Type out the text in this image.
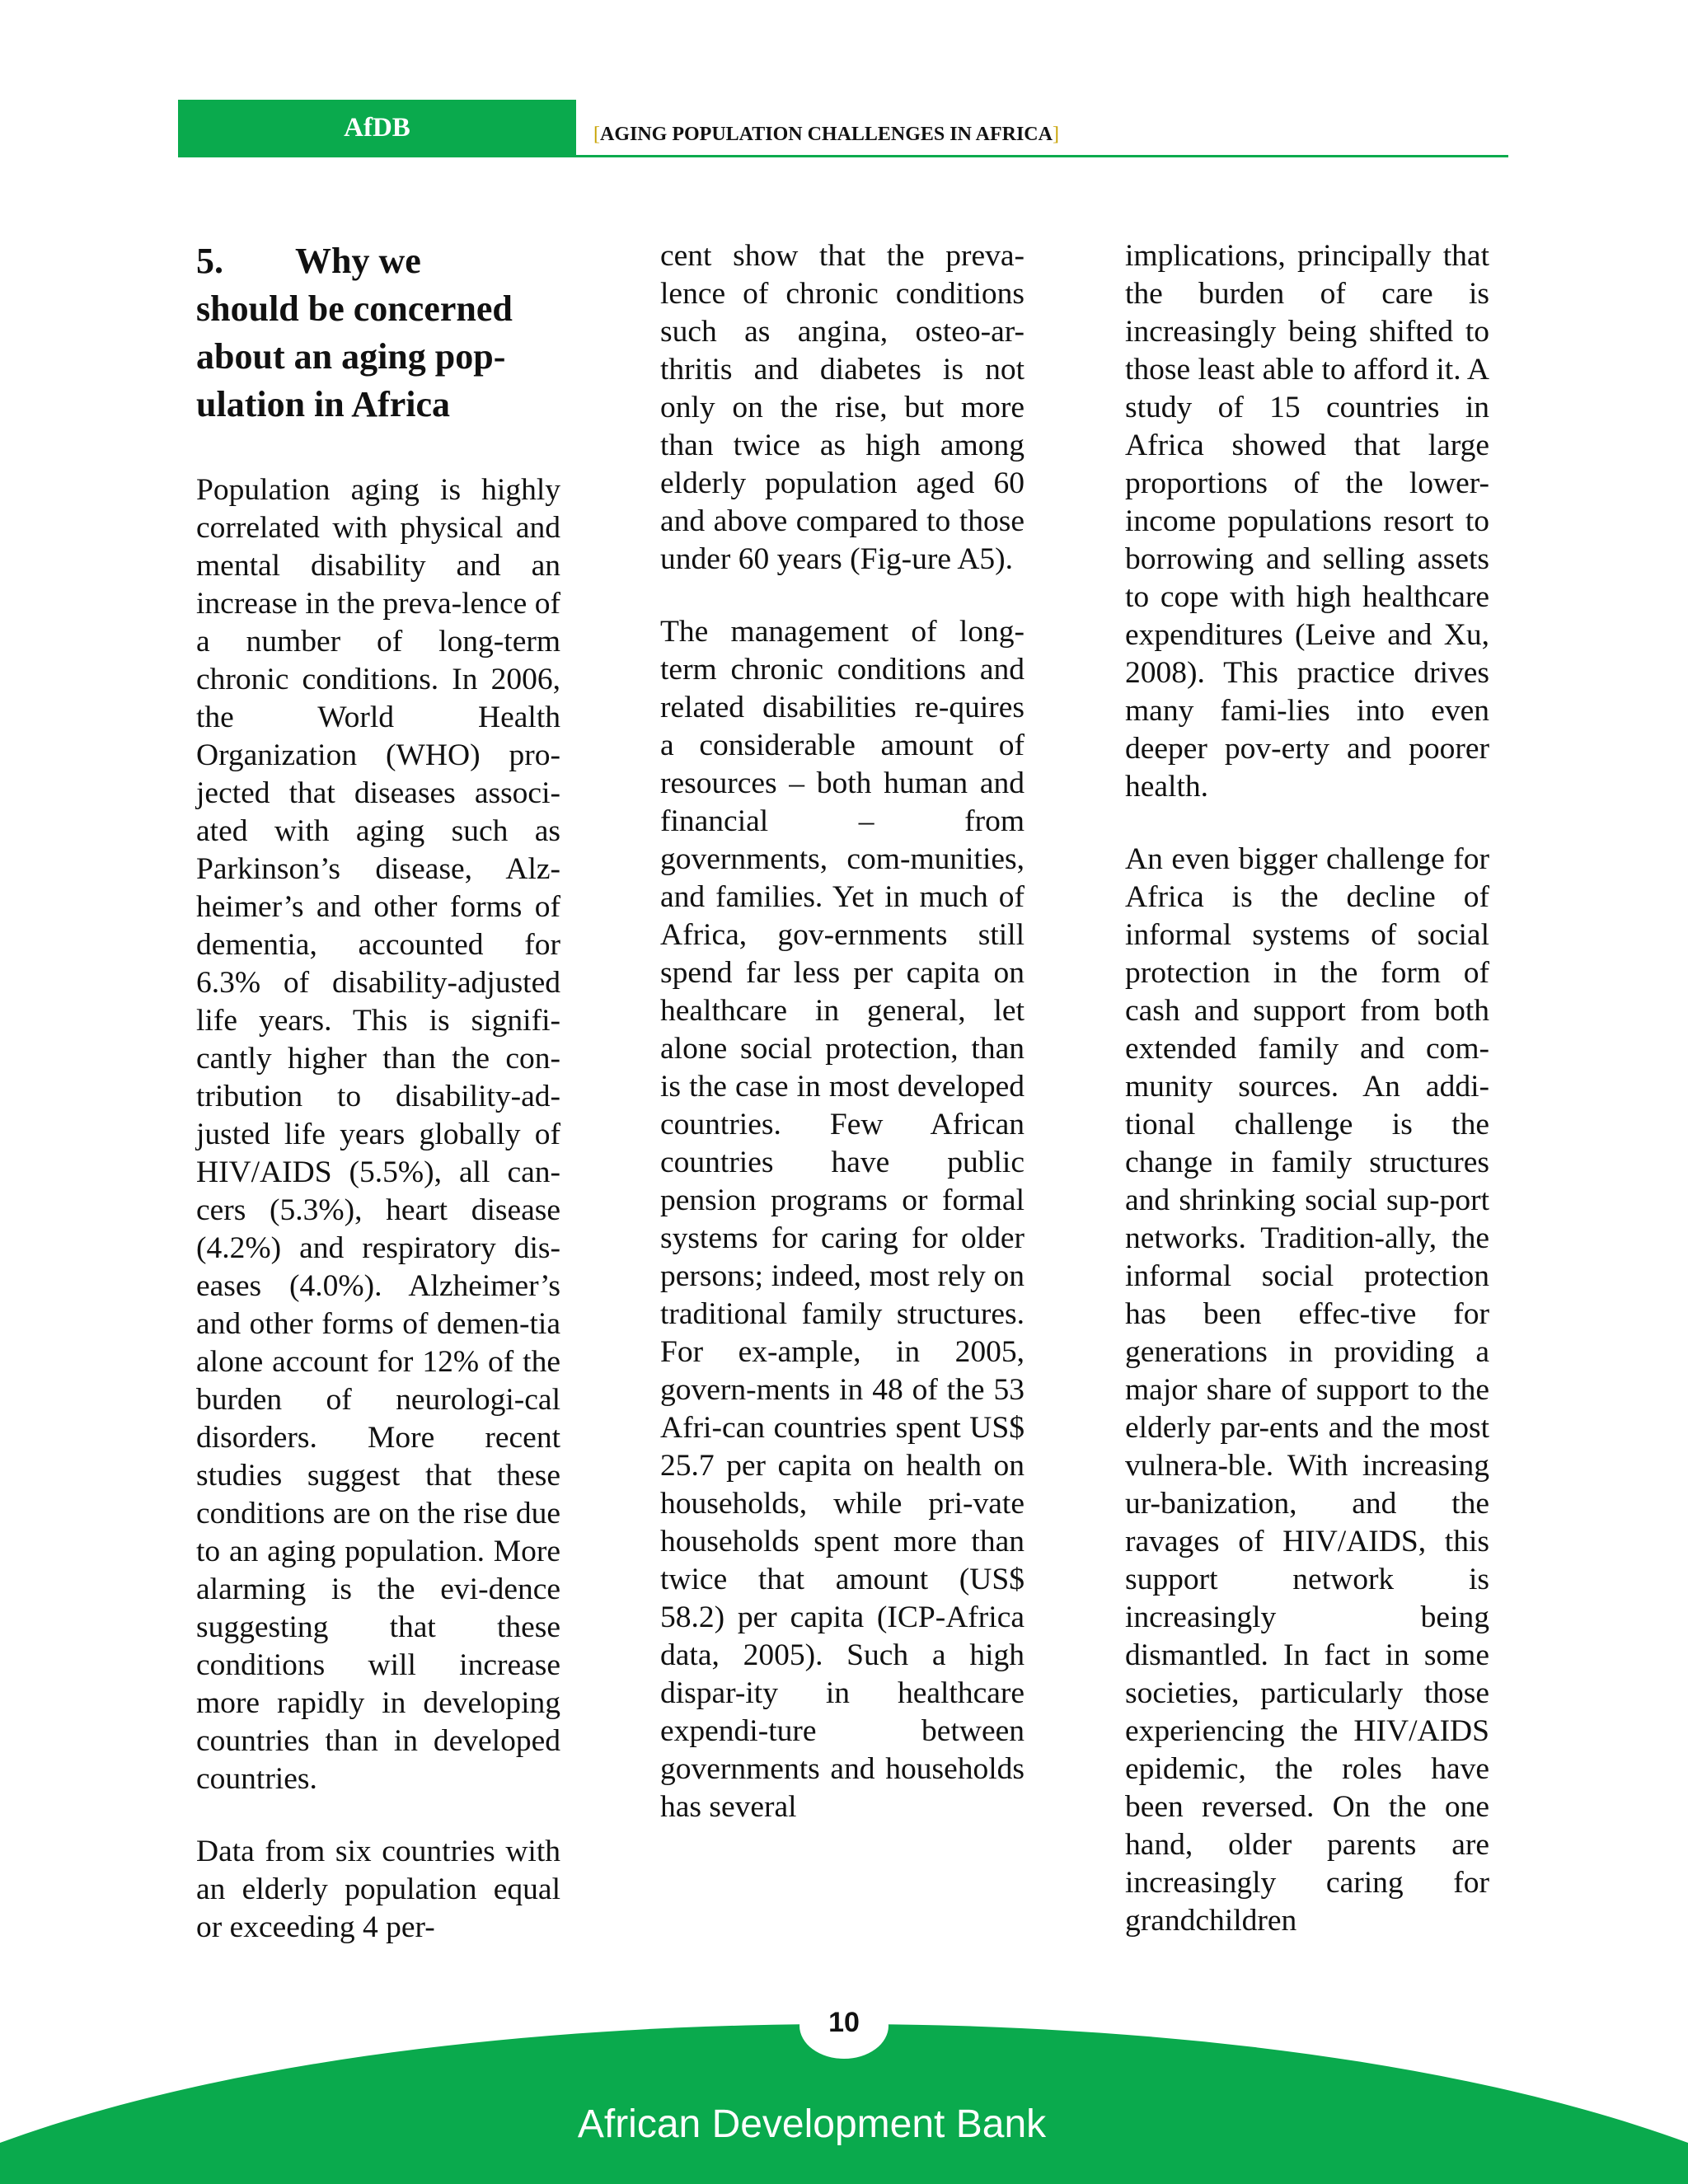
AfDB	[AGING POPULATION CHALLENGES IN AFRICA]
5. Why we
should be concerned about an aging pop-ulation in Africa

Population aging is highly correlated with physical and mental disability and an increase in the preva-lence of a number of long-term chronic conditions. In 2006, the World Health Organization (WHO) pro-jected that diseases associ-ated with aging such as Parkinson’s disease, Alz-heimer’s and other forms of dementia, accounted for 6.3% of disability-adjusted life years. This is signifi-cantly higher than the con-tribution to disability-ad-justed life years globally of HIV/AIDS (5.5%), all can-cers (5.3%), heart disease (4.2%) and respiratory dis-eases (4.0%). Alzheimer’s and other forms of demen-tia alone account for 12% of the burden of neurologi-cal disorders. More recent studies suggest that these conditions are on the rise due to an aging population. More alarming is the evi-dence suggesting that these conditions will increase more rapidly in developing countries than in developed countries.

Data from six countries with an elderly population equal or exceeding 4 per-

cent show that the preva-lence of chronic conditions such as angina, osteo-ar-thritis and diabetes is not only on the rise, but more than twice as high among elderly population aged 60 and above compared to those under 60 years (Fig-ure A5).

The management of long-term chronic conditions and related disabilities re-quires a considerable amount of resources – both human and financial – from governments, com-munities, and families. Yet in much of Africa, gov-ernments still spend far less per capita on healthcare in general, let alone social protection, than is the case in most developed countries. Few African countries have public pension programs or formal systems for caring for older persons; indeed, most rely on traditional family structures. For ex-ample, in 2005, govern-ments in 48 of the 53 Afri-can countries spent US$ 25.7 per capita on health on households, while pri-vate households spent more than twice that amount (US$ 58.2) per capita (ICP-Africa data, 2005). Such a high dispar-ity in healthcare expendi-ture between governments and households has several

implications, principally that the burden of care is increasingly being shifted to those least able to afford it. A study of 15 countries in Africa showed that large proportions of the lower-income populations resort to borrowing and selling assets to cope with high healthcare expenditures (Leive and Xu, 2008). This practice drives many fami-lies into even deeper pov-erty and poorer health.

An even bigger challenge for Africa is the decline of informal systems of social protection in the form of cash and support from both extended family and com-munity sources. An addi-tional challenge is the change in family structures and shrinking social sup-port networks. Tradition-ally, the informal social protection has been effec-tive for generations in providing a major share of support to the elderly par-ents and the most vulnera-ble. With increasing ur-banization, and the ravages of HIV/AIDS, this support network is increasingly being dismantled. In fact in some societies, particularly those experiencing the HIV/AIDS epidemic, the roles have been reversed. On the one hand, older parents are increasingly caring for grandchildren

10
African Development Bank
